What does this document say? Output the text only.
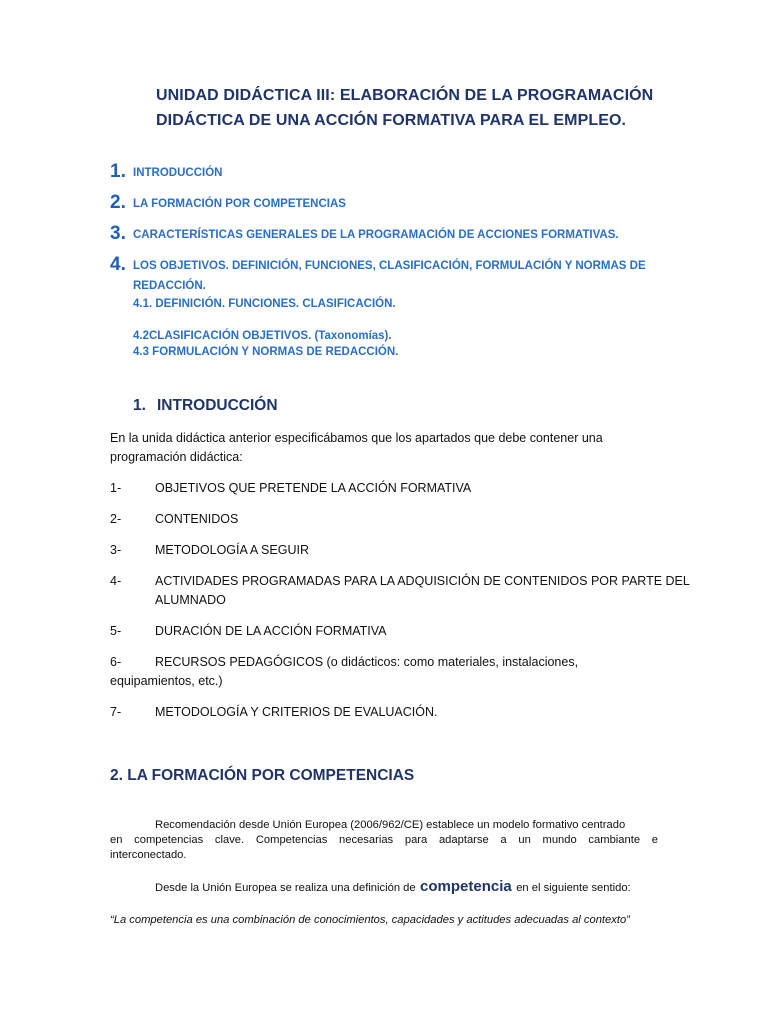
UNIDAD DIDÁCTICA III: ELABORACIÓN DE LA PROGRAMACIÓN
DIDÁCTICA DE UNA ACCIÓN FORMATIVA PARA EL EMPLEO.
1. INTRODUCCIÓN
2. LA FORMACIÓN POR COMPETENCIAS
3. CARACTERÍSTICAS GENERALES DE LA PROGRAMACIÓN DE ACCIONES FORMATIVAS.
4. LOS OBJETIVOS. DEFINICIÓN, FUNCIONES, CLASIFICACIÓN, FORMULACIÓN Y NORMAS DE
REDACCIÓN.
4.1. DEFINICIÓN. FUNCIONES. CLASIFICACIÓN.
4.2CLASIFICACIÓN OBJETIVOS. (Taxonomías).
4.3 FORMULACIÓN Y NORMAS DE REDACCIÓN.
1. INTRODUCCIÓN
En la unida didáctica anterior especificábamos que los apartados que debe contener una
programación didáctica:
1-	OBJETIVOS QUE PRETENDE LA ACCIÓN FORMATIVA
2-	CONTENIDOS
3-	METODOLOGÍA A SEGUIR
4-	ACTIVIDADES PROGRAMADAS PARA LA ADQUISICIÓN DE CONTENIDOS POR PARTE DEL
ALUMNADO
5-	DURACIÓN DE LA ACCIÓN FORMATIVA
6-	RECURSOS PEDAGÓGICOS (o didácticos: como materiales, instalaciones,
equipamientos, etc.)
7-	METODOLOGÍA Y CRITERIOS DE EVALUACIÓN.
2. LA FORMACIÓN POR COMPETENCIAS
Recomendación desde Unión Europea (2006/962/CE) establece un modelo formativo centrado
en competencias clave. Competencias necesarias para adaptarse a un mundo cambiante e
interconectado.
Desde la Unión Europea se realiza una definición de competencia en el siguiente sentido:
“La competencia es una combinación de conocimientos, capacidades y actitudes adecuadas al contexto”
